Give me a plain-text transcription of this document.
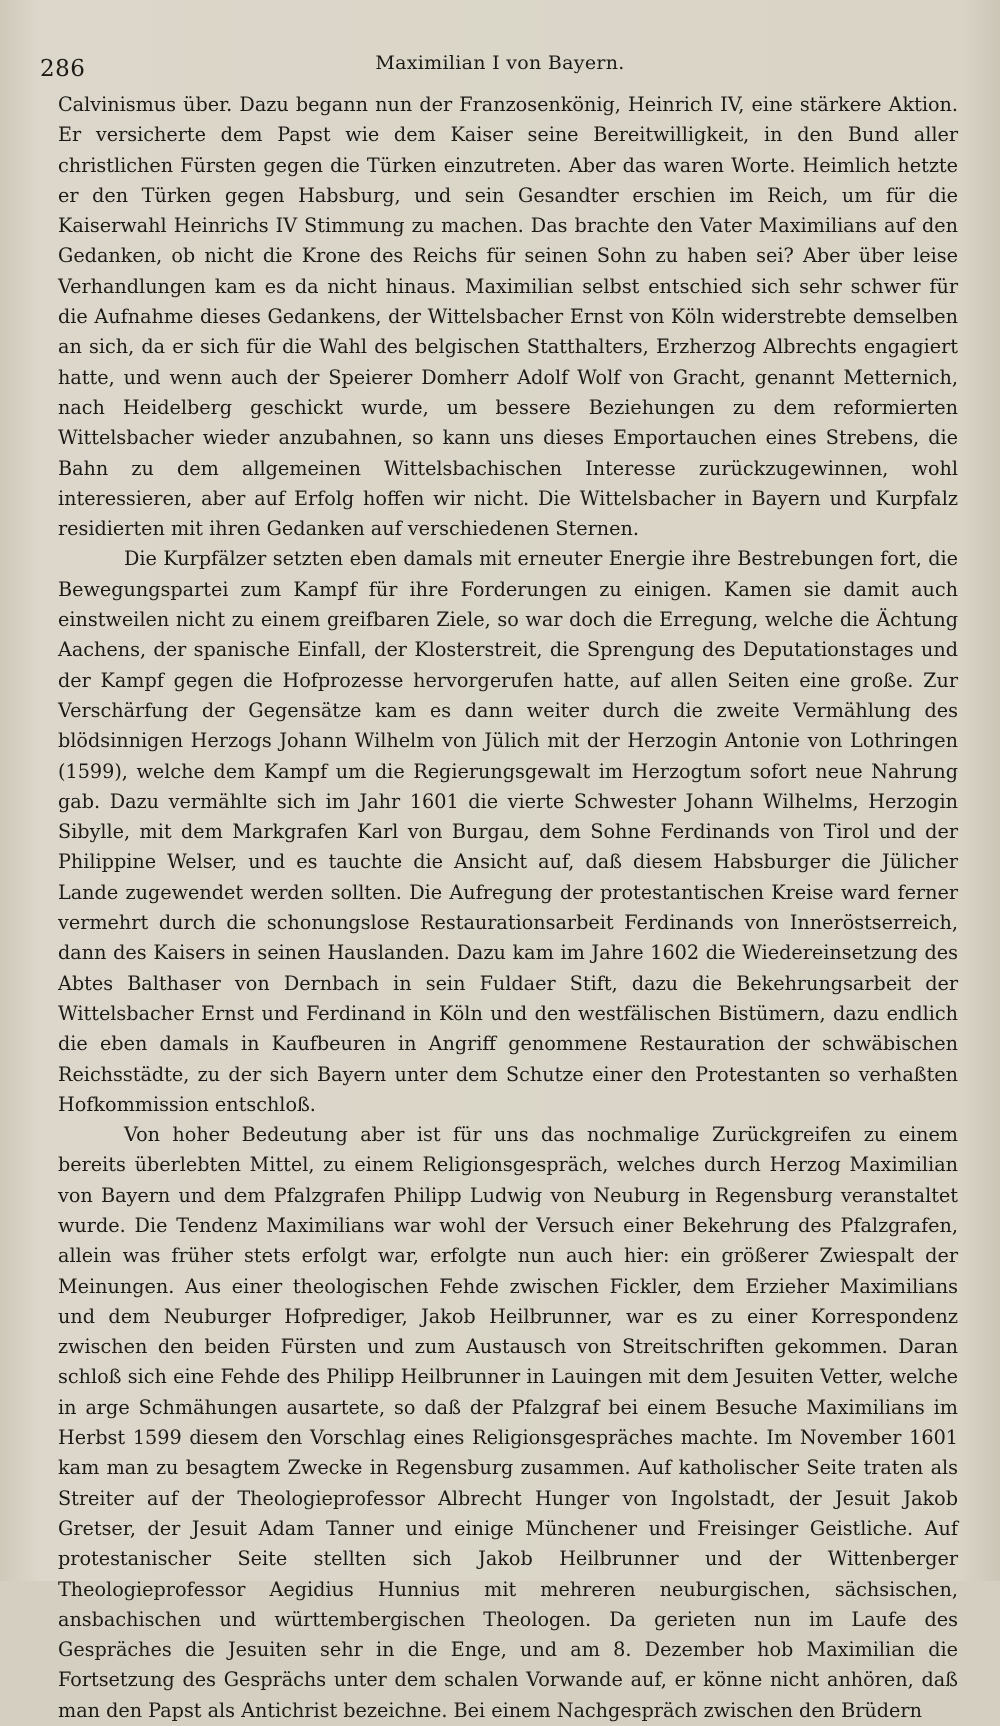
286	Maximilian I von Bayern.

Calvinismus über. Dazu begann nun der Franzosenkönig, Heinrich IV, eine stärkere Aktion. Er versicherte dem Papst wie dem Kaiser seine Bereitwilligkeit, in den Bund aller christlichen Fürsten gegen die Türken einzutreten. Aber das waren Worte. Heimlich hetzte er den Türken gegen Habsburg, und sein Gesandter erschien im Reich, um für die Kaiserwahl Heinrichs IV Stimmung zu machen. Das brachte den Vater Maximilians auf den Gedanken, ob nicht die Krone des Reichs für seinen Sohn zu haben sei? Aber über leise Verhandlungen kam es da nicht hinaus. Maximilian selbst entschied sich sehr schwer für die Aufnahme dieses Gedankens, der Wittelsbacher Ernst von Köln widerstrebte demselben an sich, da er sich für die Wahl des belgischen Statthalters, Erzherzog Albrechts engagiert hatte, und wenn auch der Speierer Domherr Adolf Wolf von Gracht, genannt Metternich, nach Heidelberg geschickt wurde, um bessere Beziehungen zu dem reformierten Wittelsbacher wieder anzubahnen, so kann uns dieses Emportauchen eines Strebens, die Bahn zu dem allgemeinen Wittelsbachischen Interesse zurückzugewinnen, wohl interessieren, aber auf Erfolg hoffen wir nicht. Die Wittelsbacher in Bayern und Kurpfalz residierten mit ihren Gedanken auf verschiedenen Sternen.

Die Kurpfälzer setzten eben damals mit erneuter Energie ihre Bestrebungen fort, die Bewegungspartei zum Kampf für ihre Forderungen zu einigen. Kamen sie damit auch einstweilen nicht zu einem greifbaren Ziele, so war doch die Erregung, welche die Ächtung Aachens, der spanische Einfall, der Klosterstreit, die Sprengung des Deputationstages und der Kampf gegen die Hofprozesse hervorgerufen hatte, auf allen Seiten eine große. Zur Verschärfung der Gegensätze kam es dann weiter durch die zweite Vermählung des blödsinnigen Herzogs Johann Wilhelm von Jülich mit der Herzogin Antonie von Lothringen (1599), welche dem Kampf um die Regierungsgewalt im Herzogtum sofort neue Nahrung gab. Dazu vermählte sich im Jahr 1601 die vierte Schwester Johann Wilhelms, Herzogin Sibylle, mit dem Markgrafen Karl von Burgau, dem Sohne Ferdinands von Tirol und der Philippine Welser, und es tauchte die Ansicht auf, daß diesem Habsburger die Jülicher Lande zugewendet werden sollten. Die Aufregung der protestantischen Kreise ward ferner vermehrt durch die schonungslose Restaurationsarbeit Ferdinands von Inneröstserreich, dann des Kaisers in seinen Hauslanden. Dazu kam im Jahre 1602 die Wiedereinsetzung des Abtes Balthaser von Dernbach in sein Fuldaer Stift, dazu die Bekehrungsarbeit der Wittelsbacher Ernst und Ferdinand in Köln und den westfälischen Bistümern, dazu endlich die eben damals in Kaufbeuren in Angriff genommene Restauration der schwäbischen Reichsstädte, zu der sich Bayern unter dem Schutze einer den Protestanten so verhaßten Hofkommission entschloß.

Von hoher Bedeutung aber ist für uns das nochmalige Zurückgreifen zu einem bereits überlebten Mittel, zu einem Religionsgespräch, welches durch Herzog Maximilian von Bayern und dem Pfalzgrafen Philipp Ludwig von Neuburg in Regensburg veranstaltet wurde. Die Tendenz Maximilians war wohl der Versuch einer Bekehrung des Pfalzgrafen, allein was früher stets erfolgt war, erfolgte nun auch hier: ein größerer Zwiespalt der Meinungen. Aus einer theologischen Fehde zwischen Fickler, dem Erzieher Maximilians und dem Neuburger Hofprediger, Jakob Heilbrunner, war es zu einer Korrespondenz zwischen den beiden Fürsten und zum Austausch von Streitschriften gekommen. Daran schloß sich eine Fehde des Philipp Heilbrunner in Lauingen mit dem Jesuiten Vetter, welche in arge Schmähungen ausartete, so daß der Pfalzgraf bei einem Besuche Maximilians im Herbst 1599 diesem den Vorschlag eines Religionsgespräches machte. Im November 1601 kam man zu besagtem Zwecke in Regensburg zusammen. Auf katholischer Seite traten als Streiter auf der Theologieprofessor Albrecht Hunger von Ingolstadt, der Jesuit Jakob Gretser, der Jesuit Adam Tanner und einige Münchener und Freisinger Geistliche. Auf protestanischer Seite stellten sich Jakob Heilbrunner und der Wittenberger Theologieprofessor Aegidius Hunnius mit mehreren neuburgischen, sächsischen, ansbachischen und württembergischen Theologen. Da gerieten nun im Laufe des Gespräches die Jesuiten sehr in die Enge, und am 8. Dezember hob Maximilian die Fortsetzung des Gesprächs unter dem schalen Vorwande auf, er könne nicht anhören, daß man den Papst als Antichrist bezeichne. Bei einem Nachgespräch zwischen den Brüdern
